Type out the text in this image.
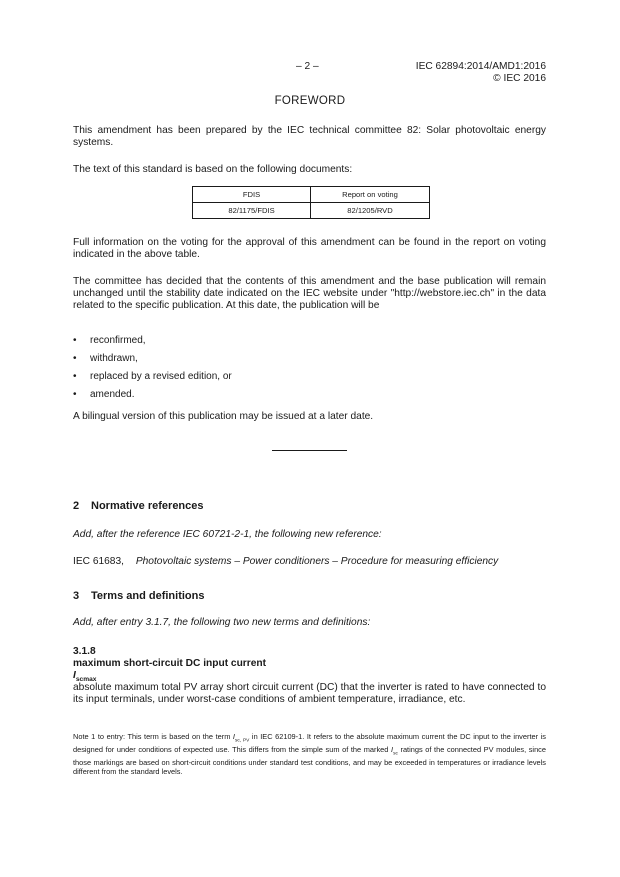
– 2 –	IEC 62894:2014/AMD1:2016
© IEC 2016
FOREWORD
This amendment has been prepared by the IEC technical committee 82: Solar photovoltaic energy systems.
The text of this standard is based on the following documents:
FDIS	Report on voting
82/1175/FDIS	82/1205/RVD
Full information on the voting for the approval of this amendment can be found in the report on voting indicated in the above table.
The committee has decided that the contents of this amendment and the base publication will remain unchanged until the stability date indicated on the IEC website under "http://webstore.iec.ch" in the data related to the specific publication. At this date, the publication will be
• reconfirmed,
• withdrawn,
• replaced by a revised edition, or
• amended.
A bilingual version of this publication may be issued at a later date.
2 Normative references
Add, after the reference IEC 60721-2-1, the following new reference:
IEC 61683, Photovoltaic systems – Power conditioners – Procedure for measuring efficiency
3 Terms and definitions
Add, after entry 3.1.7, the following two new terms and definitions:
3.1.8
maximum short-circuit DC input current
$I_{scmax}$
absolute maximum total PV array short circuit current (DC) that the inverter is rated to have connected to its input terminals, under worst-case conditions of ambient temperature, irradiance, etc.
Note 1 to entry: This term is based on the term $I_{sc, PV}$ in IEC 62109-1. It refers to the absolute maximum current the DC input to the inverter is designed for under conditions of expected use. This differs from the simple sum of the marked $I_{sc}$ ratings of the connected PV modules, since those markings are based on short-circuit conditions under standard test conditions, and may be exceeded in temperatures or irradiance levels different from the standard levels.
